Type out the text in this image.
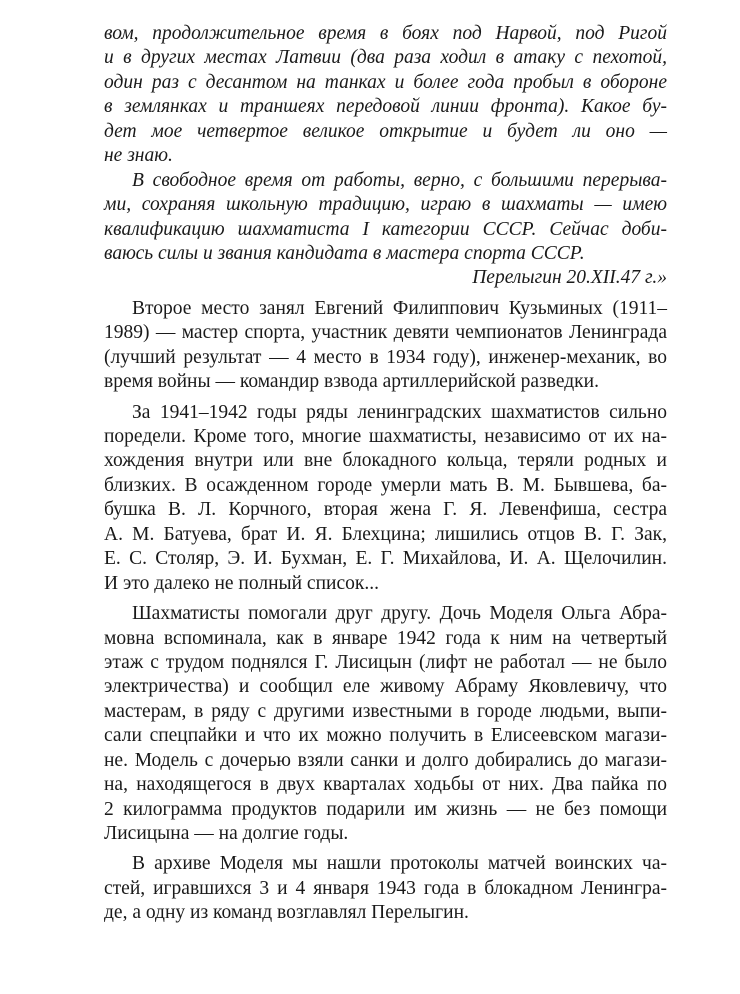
вом, продолжительное время в боях под Нарвой, под Ригой
и в других местах Латвии (два раза ходил в атаку с пехотой,
один раз с десантом на танках и более года пробыл в обороне
в землянках и траншеях передовой линии фронта). Какое бу-
дет мое четвертое великое открытие и будет ли оно —
не знаю.
В свободное время от работы, верно, с большими перерыва-
ми, сохраняя школьную традицию, играю в шахматы — имею
квалификацию шахматиста I категории СССР. Сейчас доби-
ваюсь силы и звания кандидата в мастера спорта СССР.
Перелыгин 20.XII.47 г.»
Второе место занял Евгений Филиппович Кузьминых (1911–
1989) — мастер спорта, участник девяти чемпионатов Ленинграда
(лучший результат — 4 место в 1934 году), инженер-механик, во
время войны — командир взвода артиллерийской разведки.
За 1941–1942 годы ряды ленинградских шахматистов сильно
поредели. Кроме того, многие шахматисты, независимо от их на-
хождения внутри или вне блокадного кольца, теряли родных и
близких. В осажденном городе умерли мать В. М. Бывшева, ба-
бушка В. Л. Корчного, вторая жена Г. Я. Левенфиша, сестра
А. М. Батуева, брат И. Я. Блехцина; лишились отцов В. Г. Зак,
Е. С. Столяр, Э. И. Бухман, Е. Г. Михайлова, И. А. Щелочилин.
И это далеко не полный список...
Шахматисты помогали друг другу. Дочь Моделя Ольга Абра-
мовна вспоминала, как в январе 1942 года к ним на четвертый
этаж с трудом поднялся Г. Лисицын (лифт не работал — не было
электричества) и сообщил еле живому Абраму Яковлевичу, что
мастерам, в ряду с другими известными в городе людьми, выпи-
сали спецпайки и что их можно получить в Елисеевском магази-
не. Модель с дочерью взяли санки и долго добирались до магази-
на, находящегося в двух кварталах ходьбы от них. Два пайка по
2 килограмма продуктов подарили им жизнь — не без помощи
Лисицына — на долгие годы.
В архиве Моделя мы нашли протоколы матчей воинских ча-
стей, игравшихся 3 и 4 января 1943 года в блокадном Ленингра-
де, а одну из команд возглавлял Перелыгин.
